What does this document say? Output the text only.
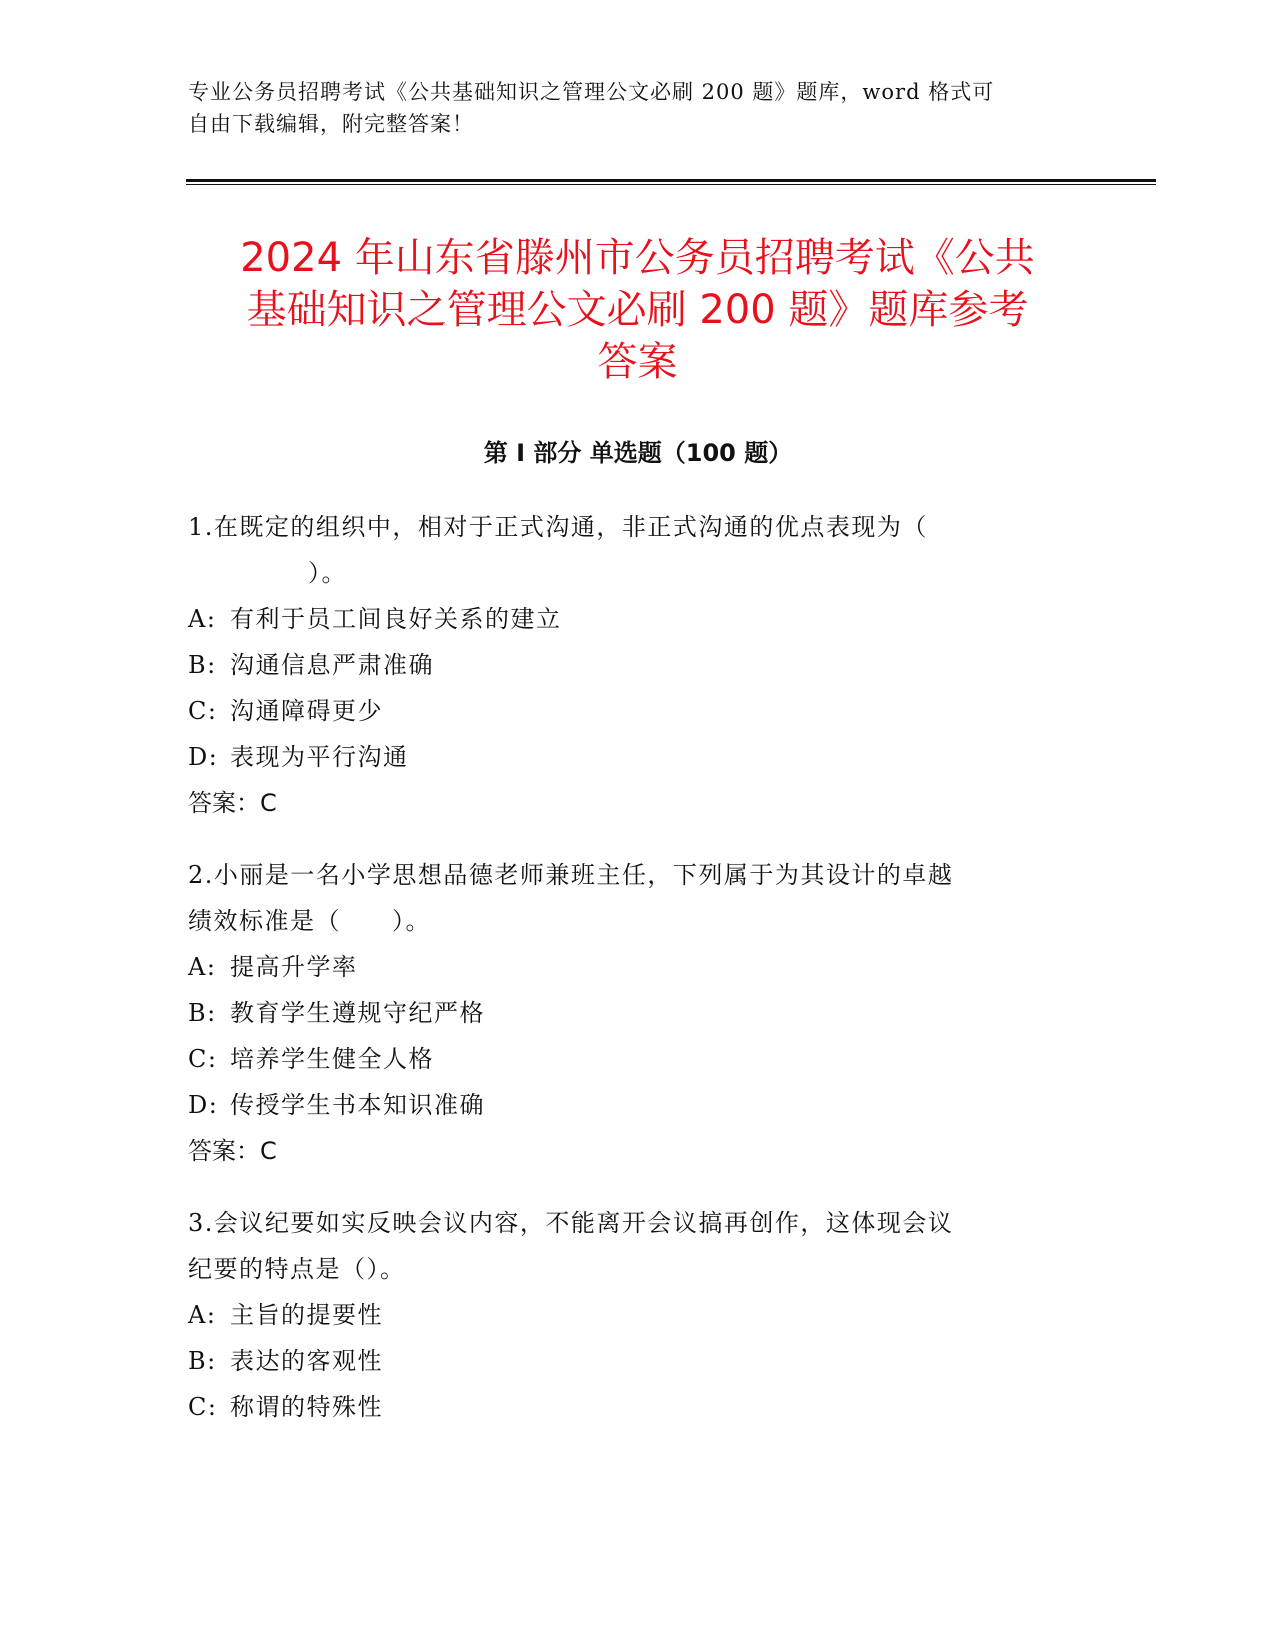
专业公务员招聘考试《公共基础知识之管理公文必刷 200 题》题库，word 格式可
自由下载编辑，附完整答案！
2024 年山东省滕州市公务员招聘考试《公共
基础知识之管理公文必刷 200 题》题库参考
答案
第 I 部分 单选题（100 题）
1.在既定的组织中，相对于正式沟通，非正式沟通的优点表现为（
）。
A: 有利于员工间良好关系的建立
B: 沟通信息严肃准确
C: 沟通障碍更少
D: 表现为平行沟通
答案：C
2.小丽是一名小学思想品德老师兼班主任，下列属于为其设计的卓越
绩效标准是（　　）。
A: 提高升学率
B: 教育学生遵规守纪严格
C: 培养学生健全人格
D: 传授学生书本知识准确
答案：C
3.会议纪要如实反映会议内容，不能离开会议搞再创作，这体现会议
纪要的特点是（）。
A: 主旨的提要性
B: 表达的客观性
C: 称谓的特殊性
